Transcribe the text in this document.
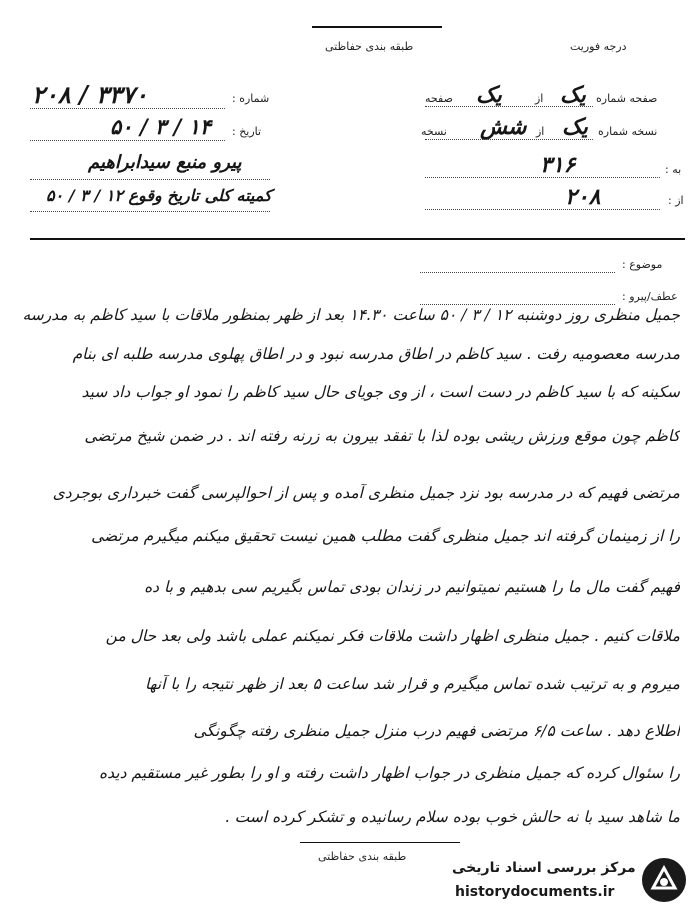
طبقه بندی حفاظتی	درجه فوریت
صفحه شماره
یک
از
یک
صفحه
نسخه شماره
یک
از
شش
نسخه
به :
۳۱۶
از :
۲۰۸
شماره :
۳۳۷۰ / ۲۰۸
تاریخ :
۱۴ / ۳ / ۵۰
پیرو منبع سیدابراهیم
کمیته کلی تاریخ وقوع ۱۲ / ۳ / ۵۰
موضوع :
عطف/پیرو :
جمیل منظری روز دوشنبه ۱۲ / ۳ / ۵۰ ساعت ۱۴.۳۰ بعد از ظهر بمنظور ملاقات با سید کاظم به مدرسه
مدرسه معصومیه رفت . سید کاظم در اطاق مدرسه نبود و در اطاق پهلوی مدرسه طلبه ای بنام
سکینه که با سید کاظم در دست است ، از وی جویای حال سید کاظم را نمود او جواب داد سید
کاظم چون موقع ورزش ریشی بوده لذا با تفقد بیرون به زرنه رفته اند . در ضمن شیخ مرتضی
مرتضی فهیم که در مدرسه بود نزد جمیل منظری آمده و پس از احوالپرسی گفت خبرداری بوجردی
را از زمینمان گرفته اند جمیل منظری گفت مطلب همین نیست تحقیق میکنم میگیرم مرتضی
فهیم گفت مال ما را هستیم نمیتوانیم در زندان بودی تماس بگیریم سی بدهیم و با ده
ملاقات کنیم . جمیل منظری اظهار داشت ملاقات فکر نمیکنم عملی باشد ولی بعد حال من
میروم و به ترتیب شده تماس میگیرم و قرار شد ساعت ۵ بعد از ظهر نتیجه را با آنها
اطلاع دهد . ساعت ۶/۵ مرتضی فهیم درب منزل جمیل منظری رفته چگونگی
را سئوال کرده که جمیل منظری در جواب اظهار داشت رفته و او را بطور غیر مستقیم دیده
ما شاهد سید با نه حالش خوب بوده سلام رسانیده و تشکر کرده است .
طبقه بندی حفاظتی
مرکز بررسی اسناد تاریخی
historydocuments.ir
